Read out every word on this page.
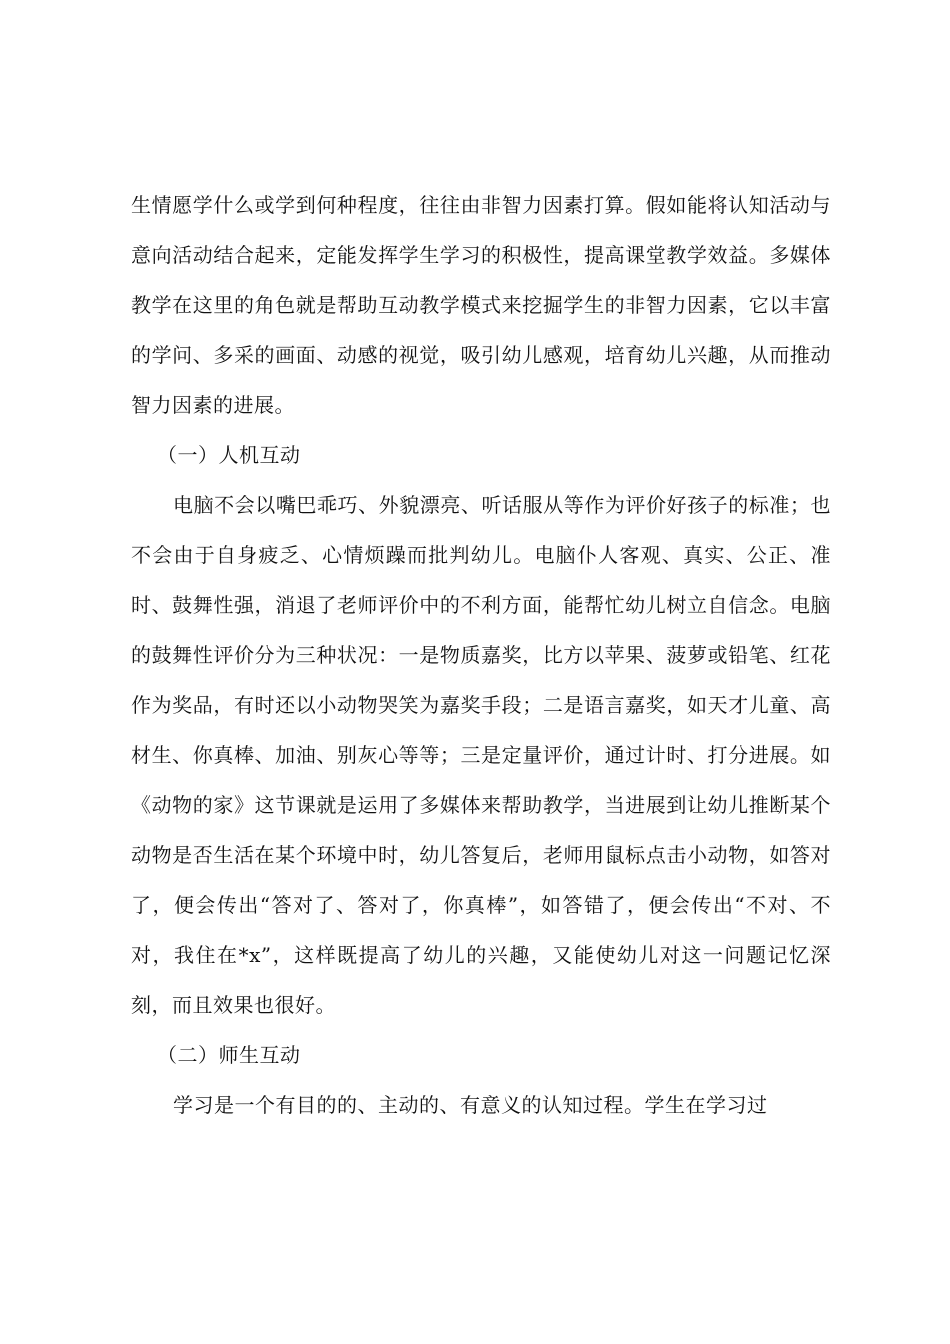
生情愿学什么或学到何种程度，往往由非智力因素打算。假如能将认知活动与意向活动结合起来，定能发挥学生学习的积极性，提高课堂教学效益。多媒体教学在这里的角色就是帮助互动教学模式来挖掘学生的非智力因素，它以丰富的学问、多采的画面、动感的视觉，吸引幼儿感观，培育幼儿兴趣，从而推动智力因素的进展。

（一）人机互动

电脑不会以嘴巴乖巧、外貌漂亮、听话服从等作为评价好孩子的标准；也不会由于自身疲乏、心情烦躁而批判幼儿。电脑仆人客观、真实、公正、准时、鼓舞性强，消退了老师评价中的不利方面，能帮忙幼儿树立自信念。电脑的鼓舞性评价分为三种状况：一是物质嘉奖，比方以苹果、菠萝或铅笔、红花作为奖品，有时还以小动物哭笑为嘉奖手段；二是语言嘉奖，如天才儿童、高材生、你真棒、加油、别灰心等等；三是定量评价，通过计时、打分进展。如《动物的家》这节课就是运用了多媒体来帮助教学，当进展到让幼儿推断某个动物是否生活在某个环境中时，幼儿答复后，老师用鼠标点击小动物，如答对了，便会传出“答对了、答对了，你真棒”，如答错了，便会传出“不对、不对，我住在*x”，这样既提高了幼儿的兴趣，又能使幼儿对这一问题记忆深刻，而且效果也很好。

（二）师生互动

学习是一个有目的的、主动的、有意义的认知过程。学生在学习过
